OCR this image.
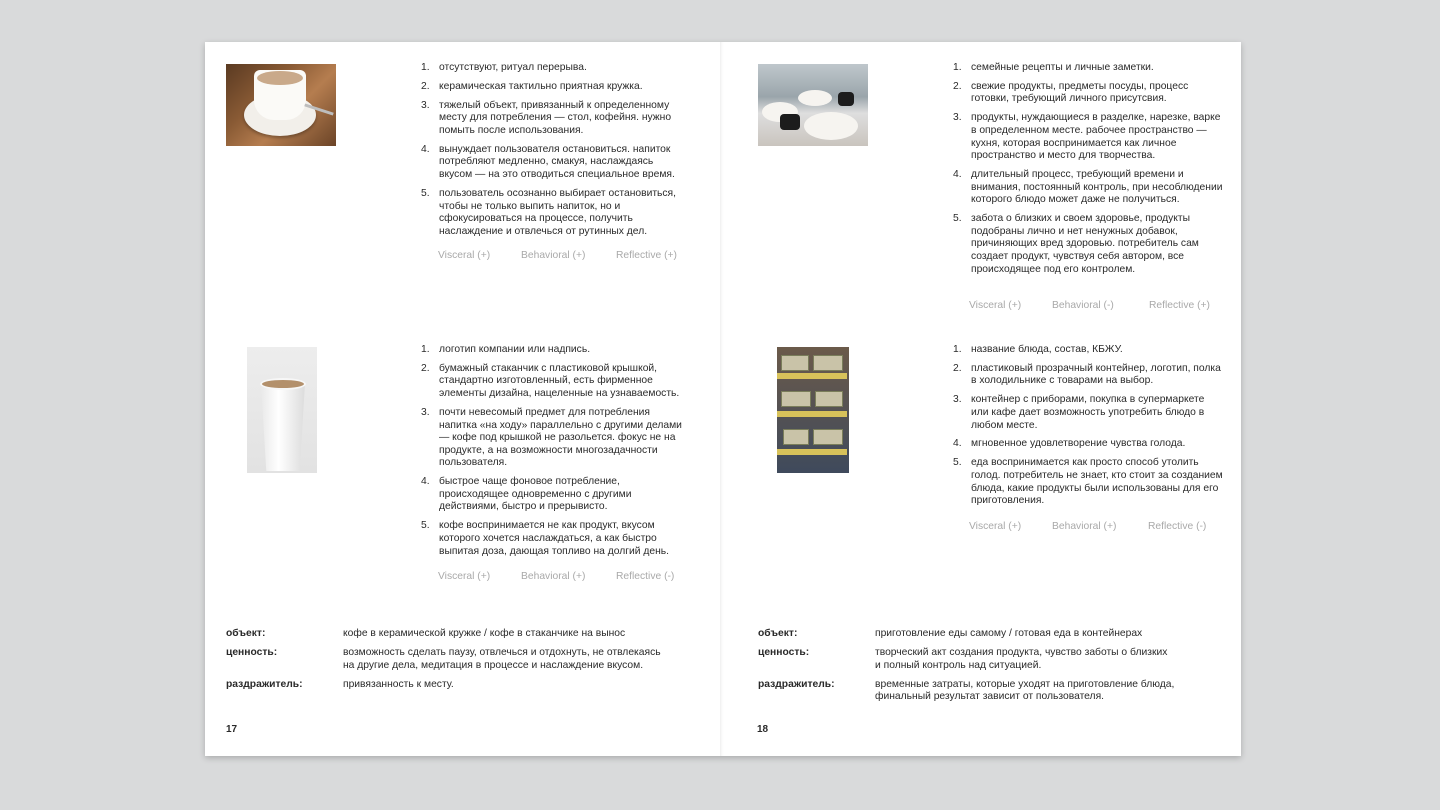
1. отсутствуют, ритуал перерыва.
2. керамическая тактильно приятная кружка.
3. тяжелый объект, привязанный к определенному месту для потребления — стол, кофейня. нужно помыть после использования.
4. вынуждает пользователя остановиться. напиток потребляют медленно, смакуя, наслаждаясь вкусом — на это отводиться специальное время.
5. пользователь осознанно выбирает остановиться, чтобы не только выпить напиток, но и сфокусироваться на процессе, получить наслаждение и отвлечься от рутинных дел.
Visceral (+)	Behavioral (+)	Reflective (+)
1. логотип компании или надпись.
2. бумажный стаканчик с пластиковой крышкой, стандартно изготовленный, есть фирменное элементы дизайна, нацеленные на узнаваемость.
3. почти невесомый предмет для потребления напитка «на ходу» параллельно с другими делами — кофе под крышкой не разольется. фокус не на продукте, а на возможности многозадачности пользователя.
4. быстрое чаще фоновое потребление, происходящее одновременно с другими действиями, быстро и прерывисто.
5. кофе воспринимается не как продукт, вкусом которого хочется наслаждаться, а как быстро выпитая доза, дающая топливо на долгий день.
Visceral (+)	Behavioral (+)	Reflective (-)
объект:	кофе в керамической кружке / кофе в стаканчике на вынос
ценность:	возможность сделать паузу, отвлечься и отдохнуть, не отвлекаясь
на другие дела, медитация в процессе и наслаждение вкусом.
раздражитель:	привязанность к месту.
17
1. семейные рецепты и личные заметки.
2. свежие продукты, предметы посуды, процесс готовки, требующий личного присутсвия.
3. продукты, нуждающиеся в разделке, нарезке, варке в определенном месте. рабочее пространство — кухня, которая воспринимается как личное пространство и место для творчества.
4. длительный процесс, требующий времени и внимания, постоянный контроль, при несоблюдении которого блюдо может даже не получиться.
5. забота о близких и своем здоровье, продукты подобраны лично и нет ненужных добавок, причиняющих вред здоровью. потребитель сам создает продукт, чувствуя себя автором, все происходящее под его контролем.
Visceral (+)	Behavioral (-)	Reflective (+)
1. название блюда, состав, КБЖУ.
2. пластиковый прозрачный контейнер, логотип, полка в холодильнике с товарами на выбор.
3. контейнер с приборами, покупка в супермаркете или кафе дает возможность употребить блюдо в любом месте.
4. мгновенное удовлетворение чувства голода.
5. еда воспринимается как просто способ утолить голод. потребитель не знает, кто стоит за созданием блюда, какие продукты были использованы для его приготовления.
Visceral (+)	Behavioral (+)	Reflective (-)
объект:	приготовление еды самому / готовая еда в контейнерах
ценность:	творческий акт создания продукта, чувство заботы о близких
и полный контроль над ситуацией.
раздражитель:	временные затраты, которые уходят на приготовление блюда,
финальный результат зависит от пользователя.
18
